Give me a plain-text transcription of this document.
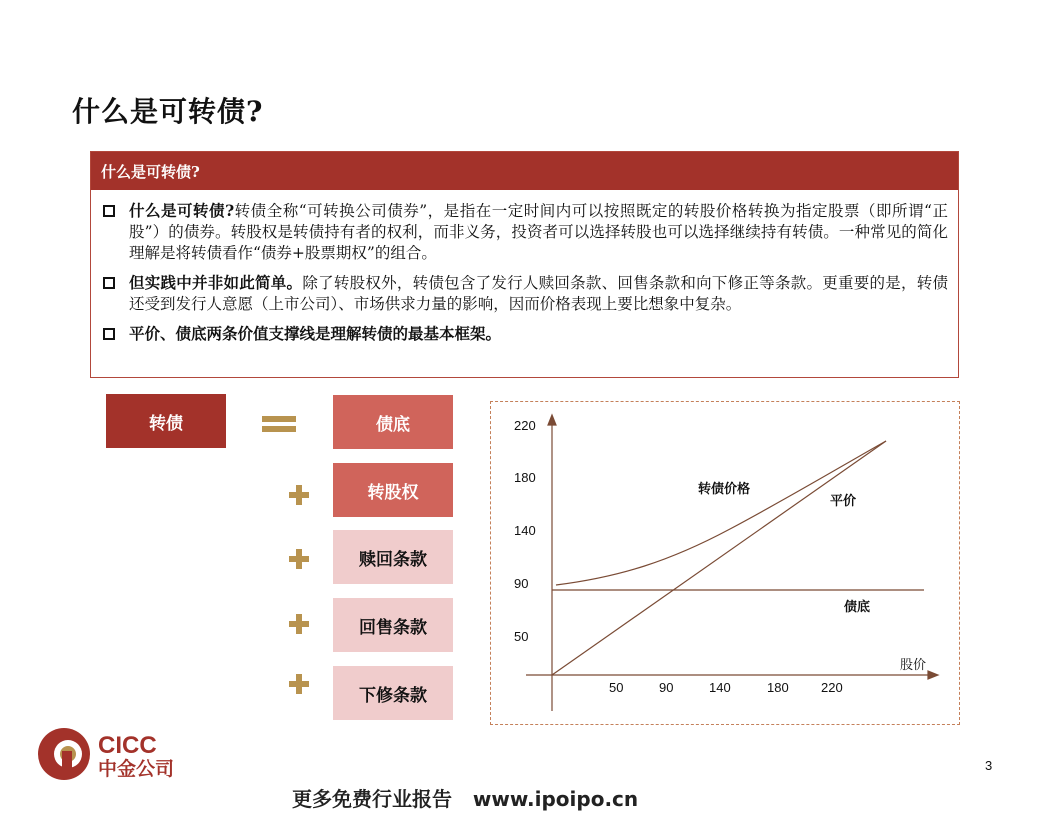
什么是可转债?
什么是可转债?
什么是可转债?转债全称“可转换公司债券”，是指在一定时间内可以按照既定的转股价格转换为指定股票（即所谓“正股”）的债券。转股权是转债持有者的权利，而非义务，投资者可以选择转股也可以选择继续持有转债。一种常见的简化理解是将转债看作“债券+股票期权”的组合。
但实践中并非如此简单。除了转股权外，转债包含了发行人赎回条款、回售条款和向下修正等条款。更重要的是，转债还受到发行人意愿（上市公司）、市场供求力量的影响，因而价格表现上要比想象中复杂。
平价、债底两条价值支撑线是理解转债的最基本框架。
转债	债底
转股权
赎回条款
回售条款
下修条款
220
180
140
90
50
50	90	140	180 220
转债价格
平价
债底
股价
CICC
中金公司	3
更多免费行业报告   www.ipoipo.cn
